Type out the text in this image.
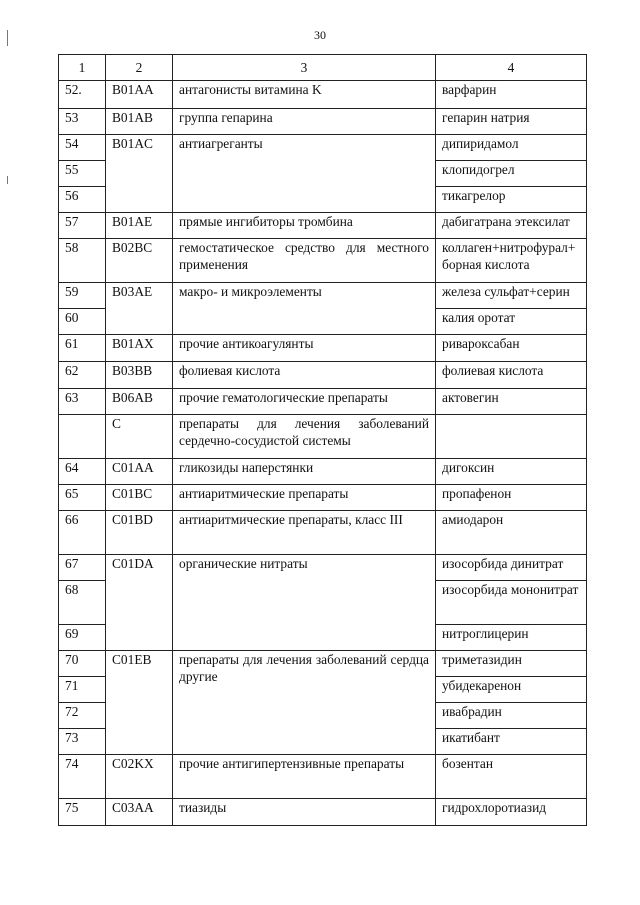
30
1	2	3	4
52.	B01AA	антагонисты витамина K	варфарин
53	B01AB	группа гепарина	гепарин натрия
54	B01AC	антиагреганты	дипиридамол
55			клопидогрел
56			тикагрелор
57	B01AE	прямые ингибиторы тромбина	дабигатрана этексилат
58	B02BC	гемостатическое средство для местного применения	коллаген+нитрофурал+ борная кислота
59	B03AE	макро- и микроэлементы	железа сульфат+серин
60			калия оротат
61	B01AX	прочие антикоагулянты	ривароксабан
62	B03BB	фолиевая кислота	фолиевая кислота
63	B06AB	прочие гематологические препараты	актовегин
	C	препараты для лечения заболеваний сердечно-сосудистой системы	
64	C01AA	гликозиды наперстянки	дигоксин
65	C01BC	антиаритмические препараты	пропафенон
66	C01BD	антиаритмические препараты, класс III	амиодарон
67	C01DA	органические нитраты	изосорбида динитрат
68			изосорбида мононитрат
69			нитроглицерин
70	C01EB	препараты для лечения заболеваний сердца другие	триметазидин
71			убидекаренон
72			ивабрадин
73			икатибант
74	C02KX	прочие антигипертензивные препараты	бозентан
75	C03AA	тиазиды	гидрохлоротиазид
